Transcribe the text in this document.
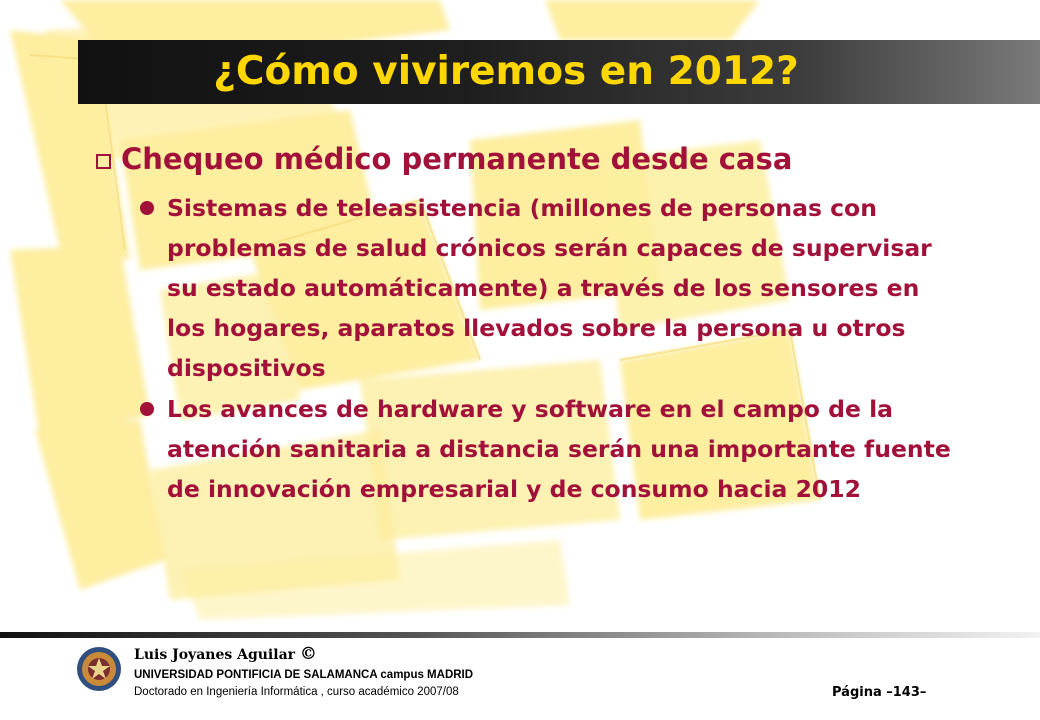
¿Cómo viviremos en 2012?
Chequeo médico permanente desde casa
Sistemas de teleasistencia (millones de personas con problemas de salud crónicos serán capaces de supervisar su estado automáticamente) a través de los sensores en los hogares, aparatos llevados sobre la persona u otros dispositivos
Los avances de hardware y software en el campo de la atención sanitaria a distancia serán una importante fuente de innovación empresarial y de consumo hacia 2012
Luis Joyanes Aguilar ©
UNIVERSIDAD PONTIFICIA DE SALAMANCA campus MADRID
Doctorado en Ingeniería Informática , curso académico 2007/08	Página –143–
